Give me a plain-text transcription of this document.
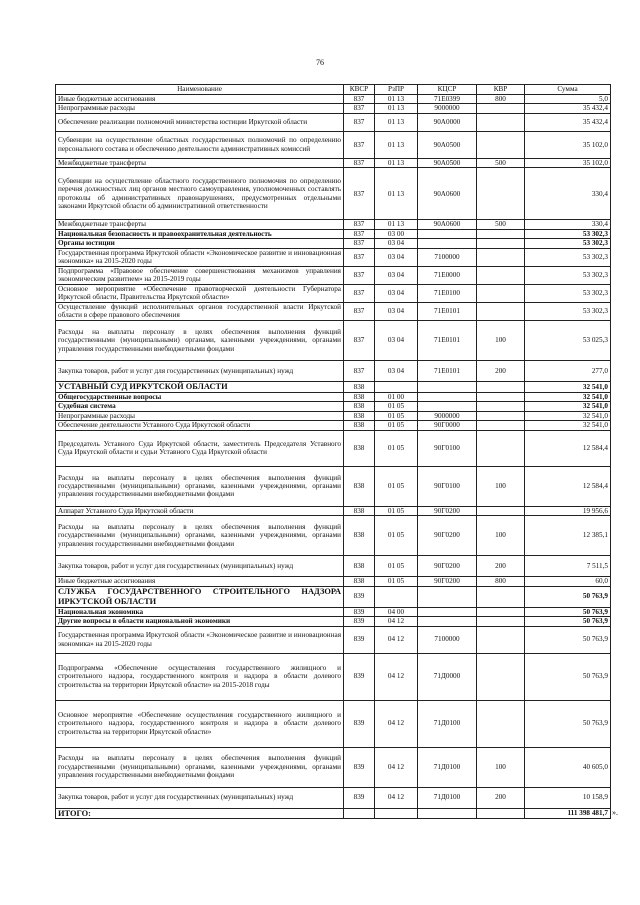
76
Наименование	КВСР	РзПР	КЦСР	КВР	Сумма
Иные бюджетные ассигнования	837	01 13	71Е0399	800	5,0
Непрограммные расходы	837	01 13	9000000		35 432,4
Обеспечение реализации полномочий министерства юстиции Иркутской области	837	01 13	90А0000		35 432,4
Субвенции на осуществление областных государственных полномочий по определению персонального состава и обеспечению деятельности административных комиссий	837	01 13	90А0500		35 102,0
Межбюджетные трансферты	837	01 13	90А0500	500	35 102,0
Субвенции на осуществление областного государственного полномочия по определению перечня должностных лиц органов местного самоуправления, уполномоченных составлять протоколы об административных правонарушениях, предусмотренных отдельными законами Иркутской области об административной ответственности	837	01 13	90А0600		330,4
Межбюджетные трансферты	837	01 13	90А0600	500	330,4
Национальная безопасность и правоохранительная деятельность	837	03 00			53 302,3
Органы юстиции	837	03 04			53 302,3
Государственная программа Иркутской области «Экономическое развитие и инновационная экономика» на 2015-2020 годы	837	03 04	7100000		53 302,3
Подпрограмма «Правовое обеспечение совершенствования механизмов управления экономическим развитием» на 2015-2019 годы	837	03 04	71Е0000		53 302,3
Основное мероприятие «Обеспечение правотворческой деятельности Губернатора Иркутской области, Правительства Иркутской области»	837	03 04	71Е0100		53 302,3
Осуществление функций исполнительных органов государственной власти Иркутской области в сфере правового обеспечения	837	03 04	71Е0101		53 302,3
Расходы на выплаты персоналу в целях обеспечения выполнения функций государственными (муниципальными) органами, казенными учреждениями, органами управления государственными внебюджетными фондами	837	03 04	71Е0101	100	53 025,3
Закупка товаров, работ и услуг для государственных (муниципальных) нужд	837	03 04	71Е0101	200	277,0
УСТАВНЫЙ СУД ИРКУТСКОЙ ОБЛАСТИ	838				32 541,0
Общегосударственные вопросы	838	01 00			32 541,0
Судебная система	838	01 05			32 541,0
Непрограммные расходы	838	01 05	9000000		32 541,0
Обеспечение деятельности Уставного Суда Иркутской области	838	01 05	90Г0000		32 541,0
Председатель Уставного Суда Иркутской области, заместитель Председателя Уставного Суда Иркутской области и судьи Уставного Суда Иркутской области	838	01 05	90Г0100		12 584,4
Расходы на выплаты персоналу в целях обеспечения выполнения функций государственными (муниципальными) органами, казенными учреждениями, органами управления государственными внебюджетными фондами	838	01 05	90Г0100	100	12 584,4
Аппарат Уставного Суда Иркутской области	838	01 05	90Г0200		19 956,6
Расходы на выплаты персоналу в целях обеспечения выполнения функций государственными (муниципальными) органами, казенными учреждениями, органами управления государственными внебюджетными фондами	838	01 05	90Г0200	100	12 385,1
Закупка товаров, работ и услуг для государственных (муниципальных) нужд	838	01 05	90Г0200	200	7 511,5
Иные бюджетные ассигнования	838	01 05	90Г0200	800	60,0
СЛУЖБА ГОСУДАРСТВЕННОГО СТРОИТЕЛЬНОГО НАДЗОРА ИРКУТСКОЙ ОБЛАСТИ	839				50 763,9
Национальная экономика	839	04 00			50 763,9
Другие вопросы в области национальной экономики	839	04 12			50 763,9
Государственная программа Иркутской области «Экономическое развитие и инновационная экономика» на 2015-2020 годы	839	04 12	7100000		50 763,9
Подпрограмма «Обеспечение осуществления государственного жилищного и строительного надзора, государственного контроля и надзора в области долевого строительства на территории Иркутской области» на 2015-2018 годы	839	04 12	71Д0000		50 763,9
Основное мероприятие «Обеспечение осуществления государственного жилищного и строительного надзора, государственного контроля и надзора в области долевого строительства на территории Иркутской области»	839	04 12	71Д0100		50 763,9
Расходы на выплаты персоналу в целях обеспечения выполнения функций государственными (муниципальными) органами, казенными учреждениями, органами управления государственными внебюджетными фондами	839	04 12	71Д0100	100	40 605,0
Закупка товаров, работ и услуг для государственных (муниципальных) нужд	839	04 12	71Д0100	200	10 158,9
ИТОГО:					111 398 481,7 ».
